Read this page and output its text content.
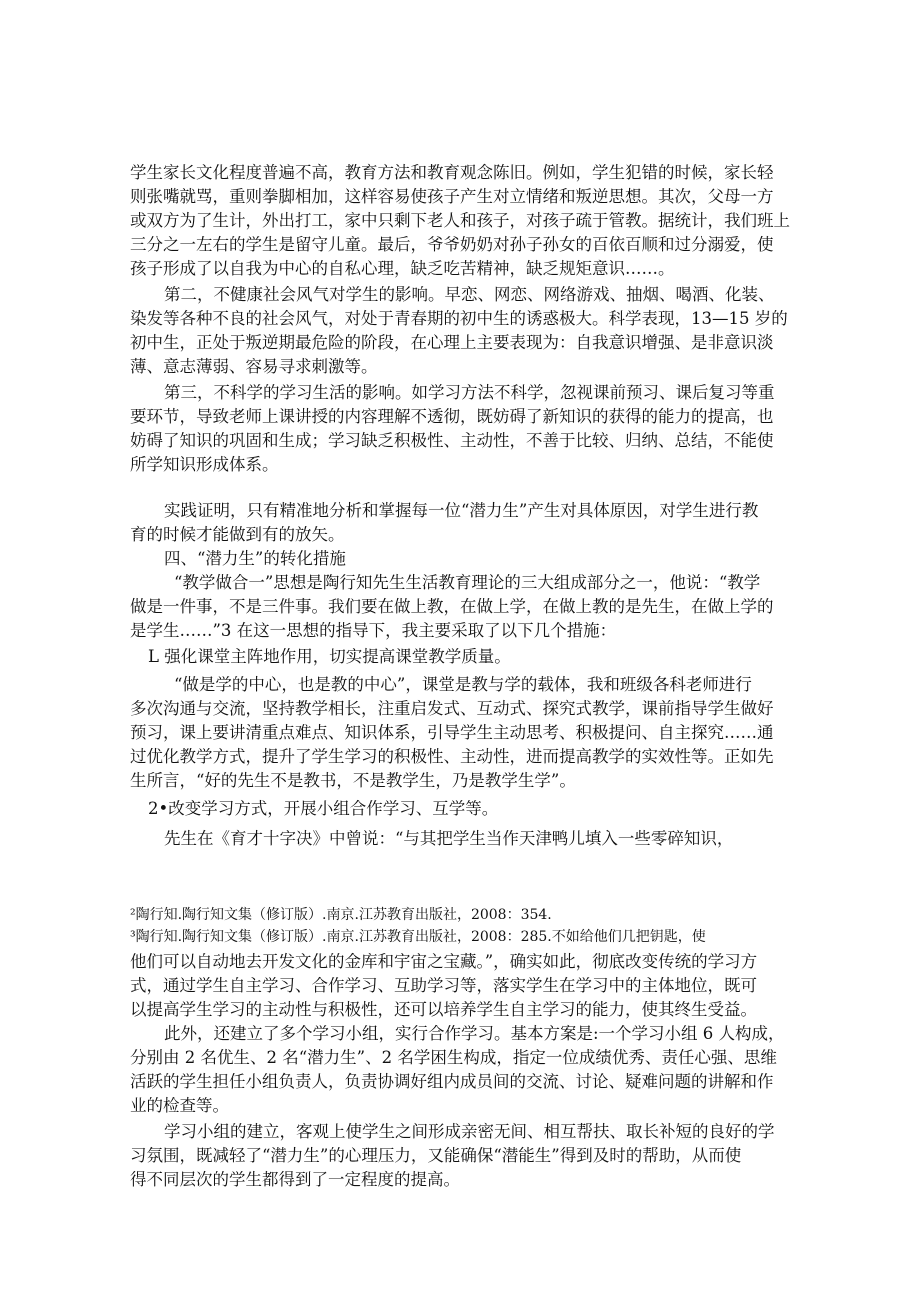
学生家长文化程度普遍不高，教育方法和教育观念陈旧。例如，学生犯错的时候，家长轻
则张嘴就骂，重则拳脚相加，这样容易使孩子产生对立情绪和叛逆思想。其次，父母一方
或双方为了生计，外出打工，家中只剩下老人和孩子，对孩子疏于管教。据统计，我们班上
三分之一左右的学生是留守儿童。最后，爷爷奶奶对孙子孙女的百依百顺和过分溺爱，使
孩子形成了以自我为中心的自私心理，缺乏吃苦精神，缺乏规矩意识……。
第二，不健康社会风气对学生的影响。早恋、网恋、网络游戏、抽烟、喝酒、化装、
染发等各种不良的社会风气，对处于青春期的初中生的诱惑极大。科学表现，13—15 岁的
初中生，正处于叛逆期最危险的阶段，在心理上主要表现为：自我意识增强、是非意识淡
薄、意志薄弱、容易寻求刺激等。
第三，不科学的学习生活的影响。如学习方法不科学，忽视课前预习、课后复习等重
要环节，导致老师上课讲授的内容理解不透彻，既妨碍了新知识的获得的能力的提高，也
妨碍了知识的巩固和生成；学习缺乏积极性、主动性，不善于比较、归纳、总结，不能使
所学知识形成体系。
实践证明，只有精准地分析和掌握每一位“潜力生”产生对具体原因，对学生进行教
育的时候才能做到有的放矢。
四、“潜力生”的转化措施
“教学做合一”思想是陶行知先生生活教育理论的三大组成部分之一，他说：“教学
做是一件事，不是三件事。我们要在做上教，在做上学，在做上教的是先生，在做上学的
是学生……”3 在这一思想的指导下，我主要采取了以下几个措施：
L 强化课堂主阵地作用，切实提高课堂教学质量。
“做是学的中心，也是教的中心”，课堂是教与学的载体，我和班级各科老师进行
多次沟通与交流，坚持教学相长，注重启发式、互动式、探究式教学，课前指导学生做好
预习，课上要讲清重点难点、知识体系，引导学生主动思考、积极提问、自主探究……通
过优化教学方式，提升了学生学习的积极性、主动性，进而提高教学的实效性等。正如先
生所言，“好的先生不是教书，不是教学生，乃是教学生学”。
2•改变学习方式，开展小组合作学习、互学等。
先生在《育才十字决》中曾说：“与其把学生当作天津鸭儿填入一些零碎知识，
²陶行知.陶行知文集（修订版）.南京.江苏教育出版社，2008：354.
³陶行知.陶行知文集（修订版）.南京.江苏教育出版社，2008：285.不如给他们几把钥匙，使
他们可以自动地去开发文化的金库和宇宙之宝藏。”，确实如此，彻底改变传统的学习方
式，通过学生自主学习、合作学习、互助学习等，落实学生在学习中的主体地位，既可
以提高学生学习的主动性与积极性，还可以培养学生自主学习的能力，使其终生受益。
此外，还建立了多个学习小组，实行合作学习。基本方案是:一个学习小组 6 人构成，
分别由 2 名优生、2 名“潜力生”、2 名学困生构成，指定一位成绩优秀、责任心强、思维
活跃的学生担任小组负责人，负责协调好组内成员间的交流、讨论、疑难问题的讲解和作
业的检查等。
学习小组的建立，客观上使学生之间形成亲密无间、相互帮扶、取长补短的良好的学
习氛围，既减轻了“潜力生”的心理压力，又能确保“潜能生”得到及时的帮助，从而使
得不同层次的学生都得到了一定程度的提高。
